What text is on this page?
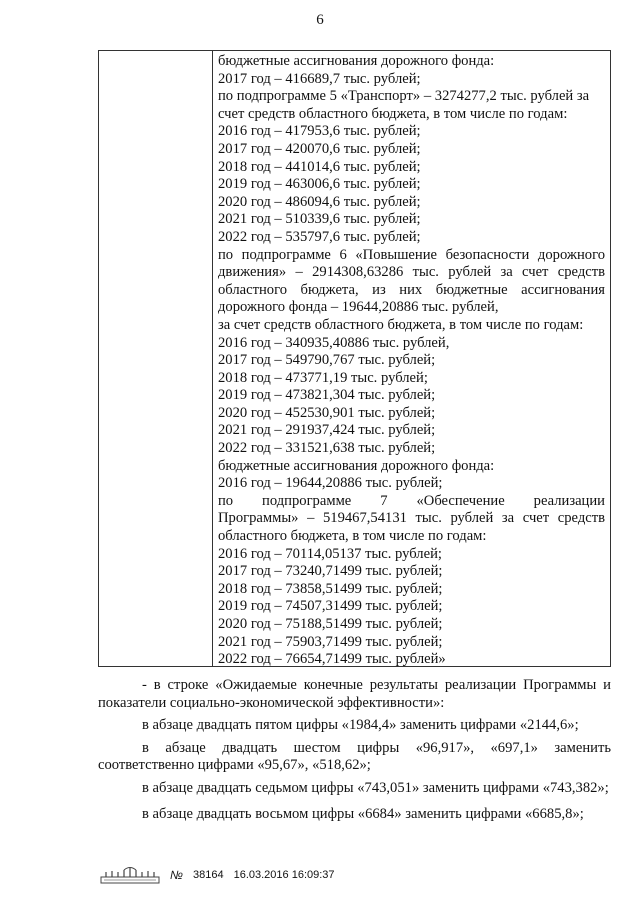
6
бюджетные ассигнования дорожного фонда:
2017 год – 416689,7 тыс. рублей;
по подпрограмме 5 «Транспорт» – 3274277,2 тыс. рублей за
счет средств областного бюджета, в том числе по годам:
2016 год – 417953,6 тыс. рублей;
2017 год – 420070,6 тыс. рублей;
2018 год – 441014,6 тыс. рублей;
2019 год – 463006,6 тыс. рублей;
2020 год – 486094,6 тыс. рублей;
2021 год – 510339,6 тыс. рублей;
2022 год – 535797,6 тыс. рублей;
по подпрограмме 6 «Повышение безопасности дорожного
движения» – 2914308,63286 тыс. рублей за счет средств
областного бюджета, из них бюджетные ассигнования
дорожного фонда – 19644,20886 тыс. рублей,
за счет средств областного бюджета, в том числе по годам:
2016 год – 340935,40886 тыс. рублей,
2017 год – 549790,767 тыс. рублей;
2018 год – 473771,19 тыс. рублей;
2019 год – 473821,304 тыс. рублей;
2020 год – 452530,901 тыс. рублей;
2021 год – 291937,424 тыс. рублей;
2022 год – 331521,638 тыс. рублей;
бюджетные ассигнования дорожного фонда:
2016 год – 19644,20886 тыс. рублей;
по подпрограмме 7 «Обеспечение реализации
Программы» – 519467,54131 тыс. рублей за счет средств
областного бюджета, в том числе по годам:
2016 год – 70114,05137 тыс. рублей;
2017 год – 73240,71499 тыс. рублей;
2018 год – 73858,51499 тыс. рублей;
2019 год – 74507,31499 тыс. рублей;
2020 год – 75188,51499 тыс. рублей;
2021 год – 75903,71499 тыс. рублей;
2022 год – 76654,71499 тыс. рублей»
- в строке «Ожидаемые конечные результаты реализации Программы и показатели социально-экономической эффективности»:
в абзаце двадцать пятом цифры «1984,4» заменить цифрами «2144,6»;
в абзаце двадцать шестом цифры «96,917», «697,1» заменить соответственно цифрами «95,67», «518,62»;
в абзаце двадцать седьмом цифры «743,051» заменить цифрами «743,382»;
в абзаце двадцать восьмом цифры «6684» заменить цифрами «6685,8»;
№ 38164 16.03.2016 16:09:37
